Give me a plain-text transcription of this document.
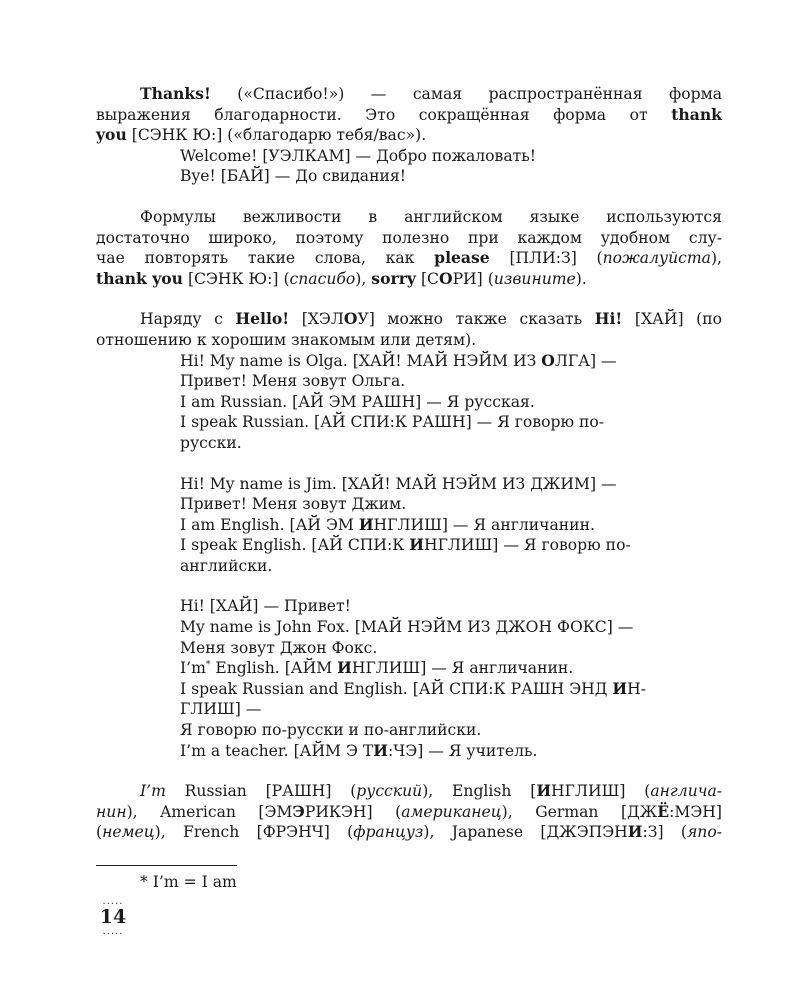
Thanks! («Спасибо!») — самая распространённая форма
выражения благодарности. Это сокращённая форма от thank
you [СЭНК Ю:] («благодарю тебя/вас»).

Welcome! [УЭЛКАМ] — Добро пожаловать!
Bye! [БАЙ] — До свидания!

Формулы вежливости в английском языке используются
достаточно широко, поэтому полезно при каждом удобном слу-
чае повторять такие слова, как please [ПЛИ:З] (пожалуйста),
thank you [СЭНК Ю:] (спасибо), sorry [СОРИ] (извините).

Наряду с Hello! [ХЭЛОУ] можно также сказать Hi! [ХАЙ] (по
отношению к хорошим знакомым или детям).

Hi! My name is Olga. [ХАЙ! МАЙ НЭЙМ ИЗ ОЛГА] —
Привет! Меня зовут Ольга.
I am Russian. [АЙ ЭМ РАШН] — Я русская.
I speak Russian. [АЙ СПИ:К РАШН] — Я говорю по-
русски.
Hi! My name is Jim. [ХАЙ! МАЙ НЭЙМ ИЗ ДЖИМ] —
Привет! Меня зовут Джим.
I am English. [АЙ ЭМ ИНГЛИШ] — Я англичанин.
I speak English. [АЙ СПИ:К ИНГЛИШ] — Я говорю по-
английски.
Hi! [ХАЙ] — Привет!
My name is John Fox. [МАЙ НЭЙМ ИЗ ДЖОН ФОКС] —
Меня зовут Джон Фокс.
I’m* English. [АЙМ ИНГЛИШ] — Я англичанин.
I speak Russian and English. [АЙ СПИ:К РАШН ЭНД ИН-
ГЛИШ] —
Я говорю по-русски и по-английски.
I’m a teacher. [АЙМ Э ТИ:ЧЭ] — Я учитель.

I’m Russian [РАШН] (русский), English [ИНГЛИШ] (англича-
нин), American [ЭМЭРИКЭН] (американец), German [ДЖЁ:МЭН]
(немец), French [ФРЭНЧ] (француз), Japanese [ДЖЭПЭНИ:З] (япо-

* I’m = I am
.....
14
.....
